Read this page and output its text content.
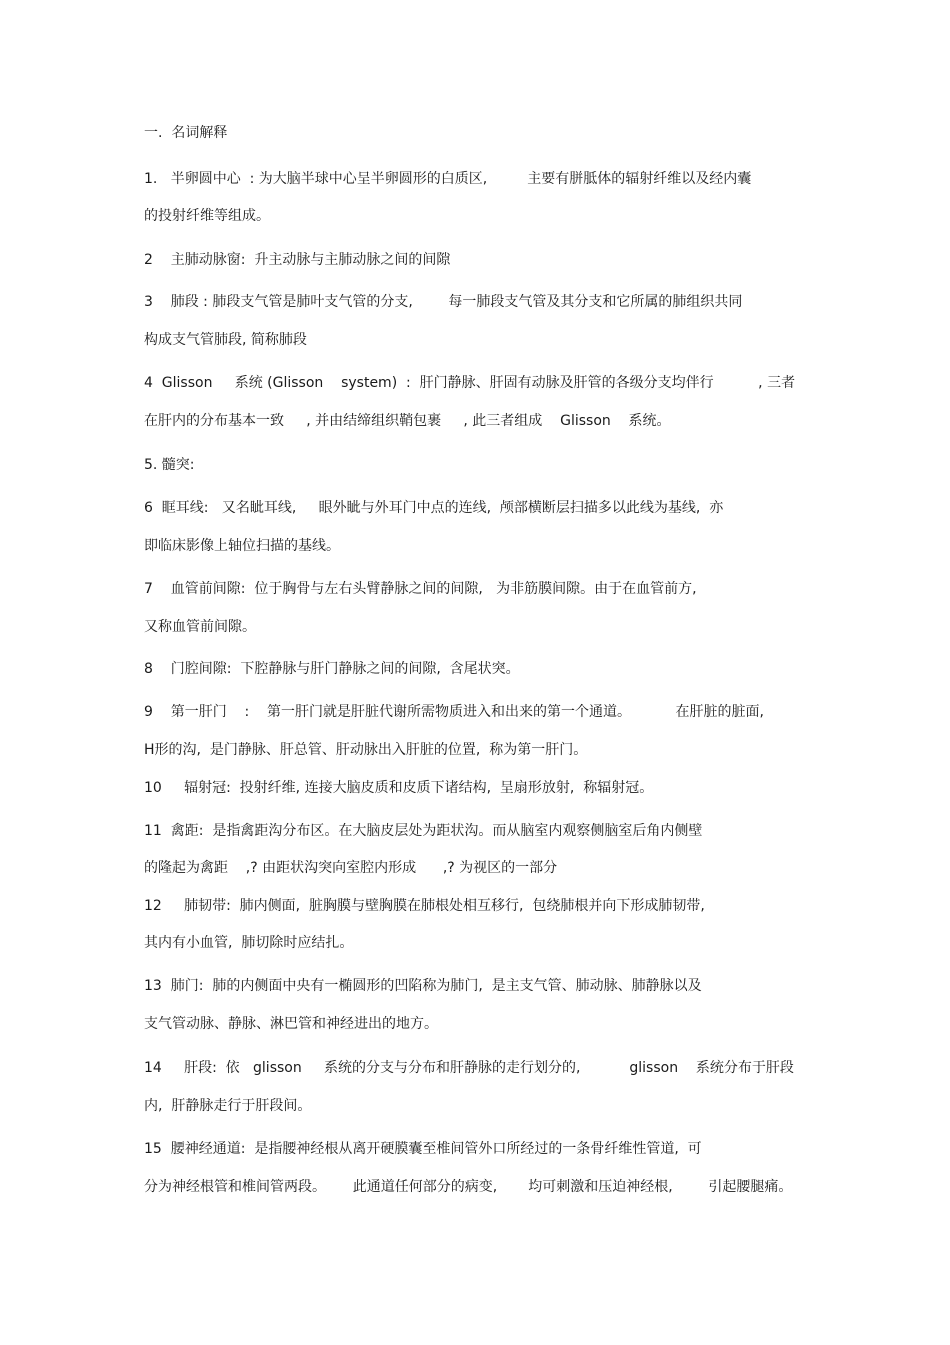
一.  名词解释
1.   半卵圆中心  : 为大脑半球中心呈半卵圆形的白质区,         主要有胼胝体的辐射纤维以及经内囊
的投射纤维等组成。
2    主肺动脉窗:  升主动脉与主肺动脉之间的间隙
3    肺段 : 肺段支气管是肺叶支气管的分支,        每一肺段支气管及其分支和它所属的肺组织共同
构成支气管肺段, 简称肺段
4  Glisson     系统 (Glisson    system)  :  肝门静脉、肝固有动脉及肝管的各级分支均伴行          , 三者
在肝内的分布基本一致     , 并由结缔组织鞘包裹     , 此三者组成    Glisson    系统。
5. 髓突:
6  眶耳线:   又名眦耳线,     眼外眦与外耳门中点的连线,  颅部横断层扫描多以此线为基线,  亦
即临床影像上轴位扫描的基线。
7    血管前间隙:  位于胸骨与左右头臂静脉之间的间隙,   为非筋膜间隙。由于在血管前方,
又称血管前间隙。
8    门腔间隙:  下腔静脉与肝门静脉之间的间隙,  含尾状突。
9    第一肝门    :    第一肝门就是肝脏代谢所需物质进入和出来的第一个通道。          在肝脏的脏面,
H形的沟,  是门静脉、肝总管、肝动脉出入肝脏的位置,  称为第一肝门。
10     辐射冠:  投射纤维, 连接大脑皮质和皮质下诸结构,  呈扇形放射,  称辐射冠。
11  禽距:  是指禽距沟分布区。在大脑皮层处为距状沟。而从脑室内观察侧脑室后角内侧壁
的隆起为禽距    ,? 由距状沟突向室腔内形成      ,? 为视区的一部分
12     肺韧带:  肺内侧面,  脏胸膜与壁胸膜在肺根处相互移行,  包绕肺根并向下形成肺韧带,
其内有小血管,  肺切除时应结扎。
13  肺门:  肺的内侧面中央有一椭圆形的凹陷称为肺门,  是主支气管、肺动脉、肺静脉以及
支气管动脉、静脉、淋巴管和神经进出的地方。
14     肝段:  依   glisson     系统的分支与分布和肝静脉的走行划分的,           glisson    系统分布于肝段
内,  肝静脉走行于肝段间。
15  腰神经通道:  是指腰神经根从离开硬膜囊至椎间管外口所经过的一条骨纤维性管道,  可
分为神经根管和椎间管两段。      此通道任何部分的病变,       均可刺激和压迫神经根,        引起腰腿痛。
